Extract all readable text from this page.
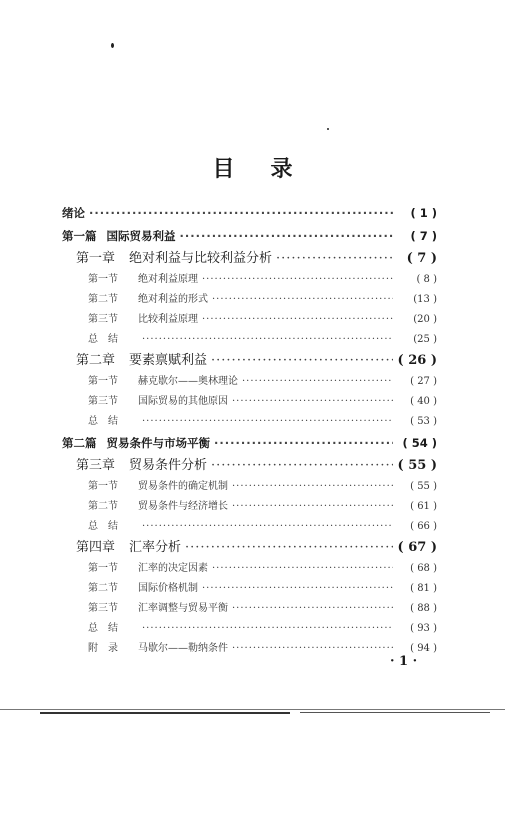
目录
绪论 ·····	( 1 )
第一篇 国际贸易利益 ·····	( 7 )
第一章 绝对利益与比较利益分析 ·····	( 7 )
第一节	绝对利益原理 ·····	( 8 )
第二节	绝对利益的形式 ·····	(13 )
第三节	比较利益原理 ·····	(20 )
总　结 ·····	(25 )
第二章 要素禀赋利益 ·····	( 26 )
第一节	赫克歇尔——奥林理论 ·····	( 27 )
第三节	国际贸易的其他原因 ·····	( 40 )
总　结 ·····	( 53 )
第二篇 贸易条件与市场平衡 ·····	( 54 )
第三章 贸易条件分析 ·····	( 55 )
第一节	贸易条件的确定机制 ·····	( 55 )
第二节	贸易条件与经济增长 ·····	( 61 )
总　结 ·····	( 66 )
第四章 汇率分析 ·····	( 67 )
第一节	汇率的决定因素 ·····	( 68 )
第二节	国际价格机制 ·····	( 81 )
第三节	汇率调整与贸易平衡 ·····	( 88 )
总　结 ·····	( 93 )
附　录	马歇尔——勒纳条件 ·····	( 94 )
· 1 ·
